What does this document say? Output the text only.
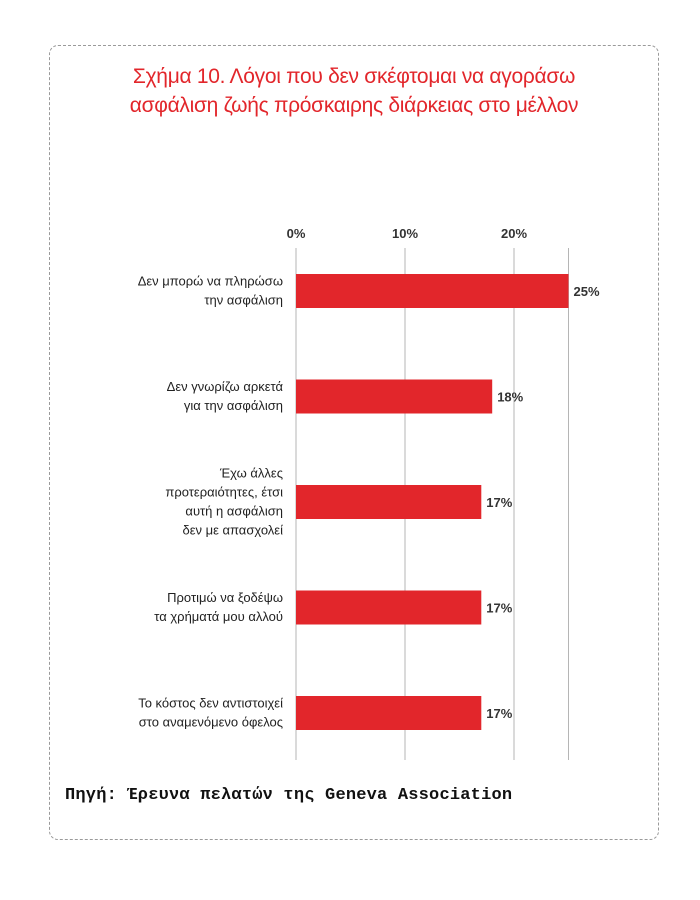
Σχήμα 10. Λόγοι που δεν σκέφτομαι να αγοράσω
ασφάλιση ζωής πρόσκαιρης διάρκειας στο μέλλον
0%	10%	20%
25%
Δεν μπορώ να πληρώσω την ασφάλιση
18%
Δεν γνωρίζω αρκετά για την ασφάλιση
17%
Έχω άλλες προτεραιότητες, έτσι αυτή η ασφάλιση δεν με απασχολεί
17%
Προτιμώ να ξοδέψω τα χρήματά μου αλλού
17%
Το κόστος δεν αντιστοιχεί στο αναμενόμενο όφελος
Πηγή: Έρευνα πελατών της Geneva Association
